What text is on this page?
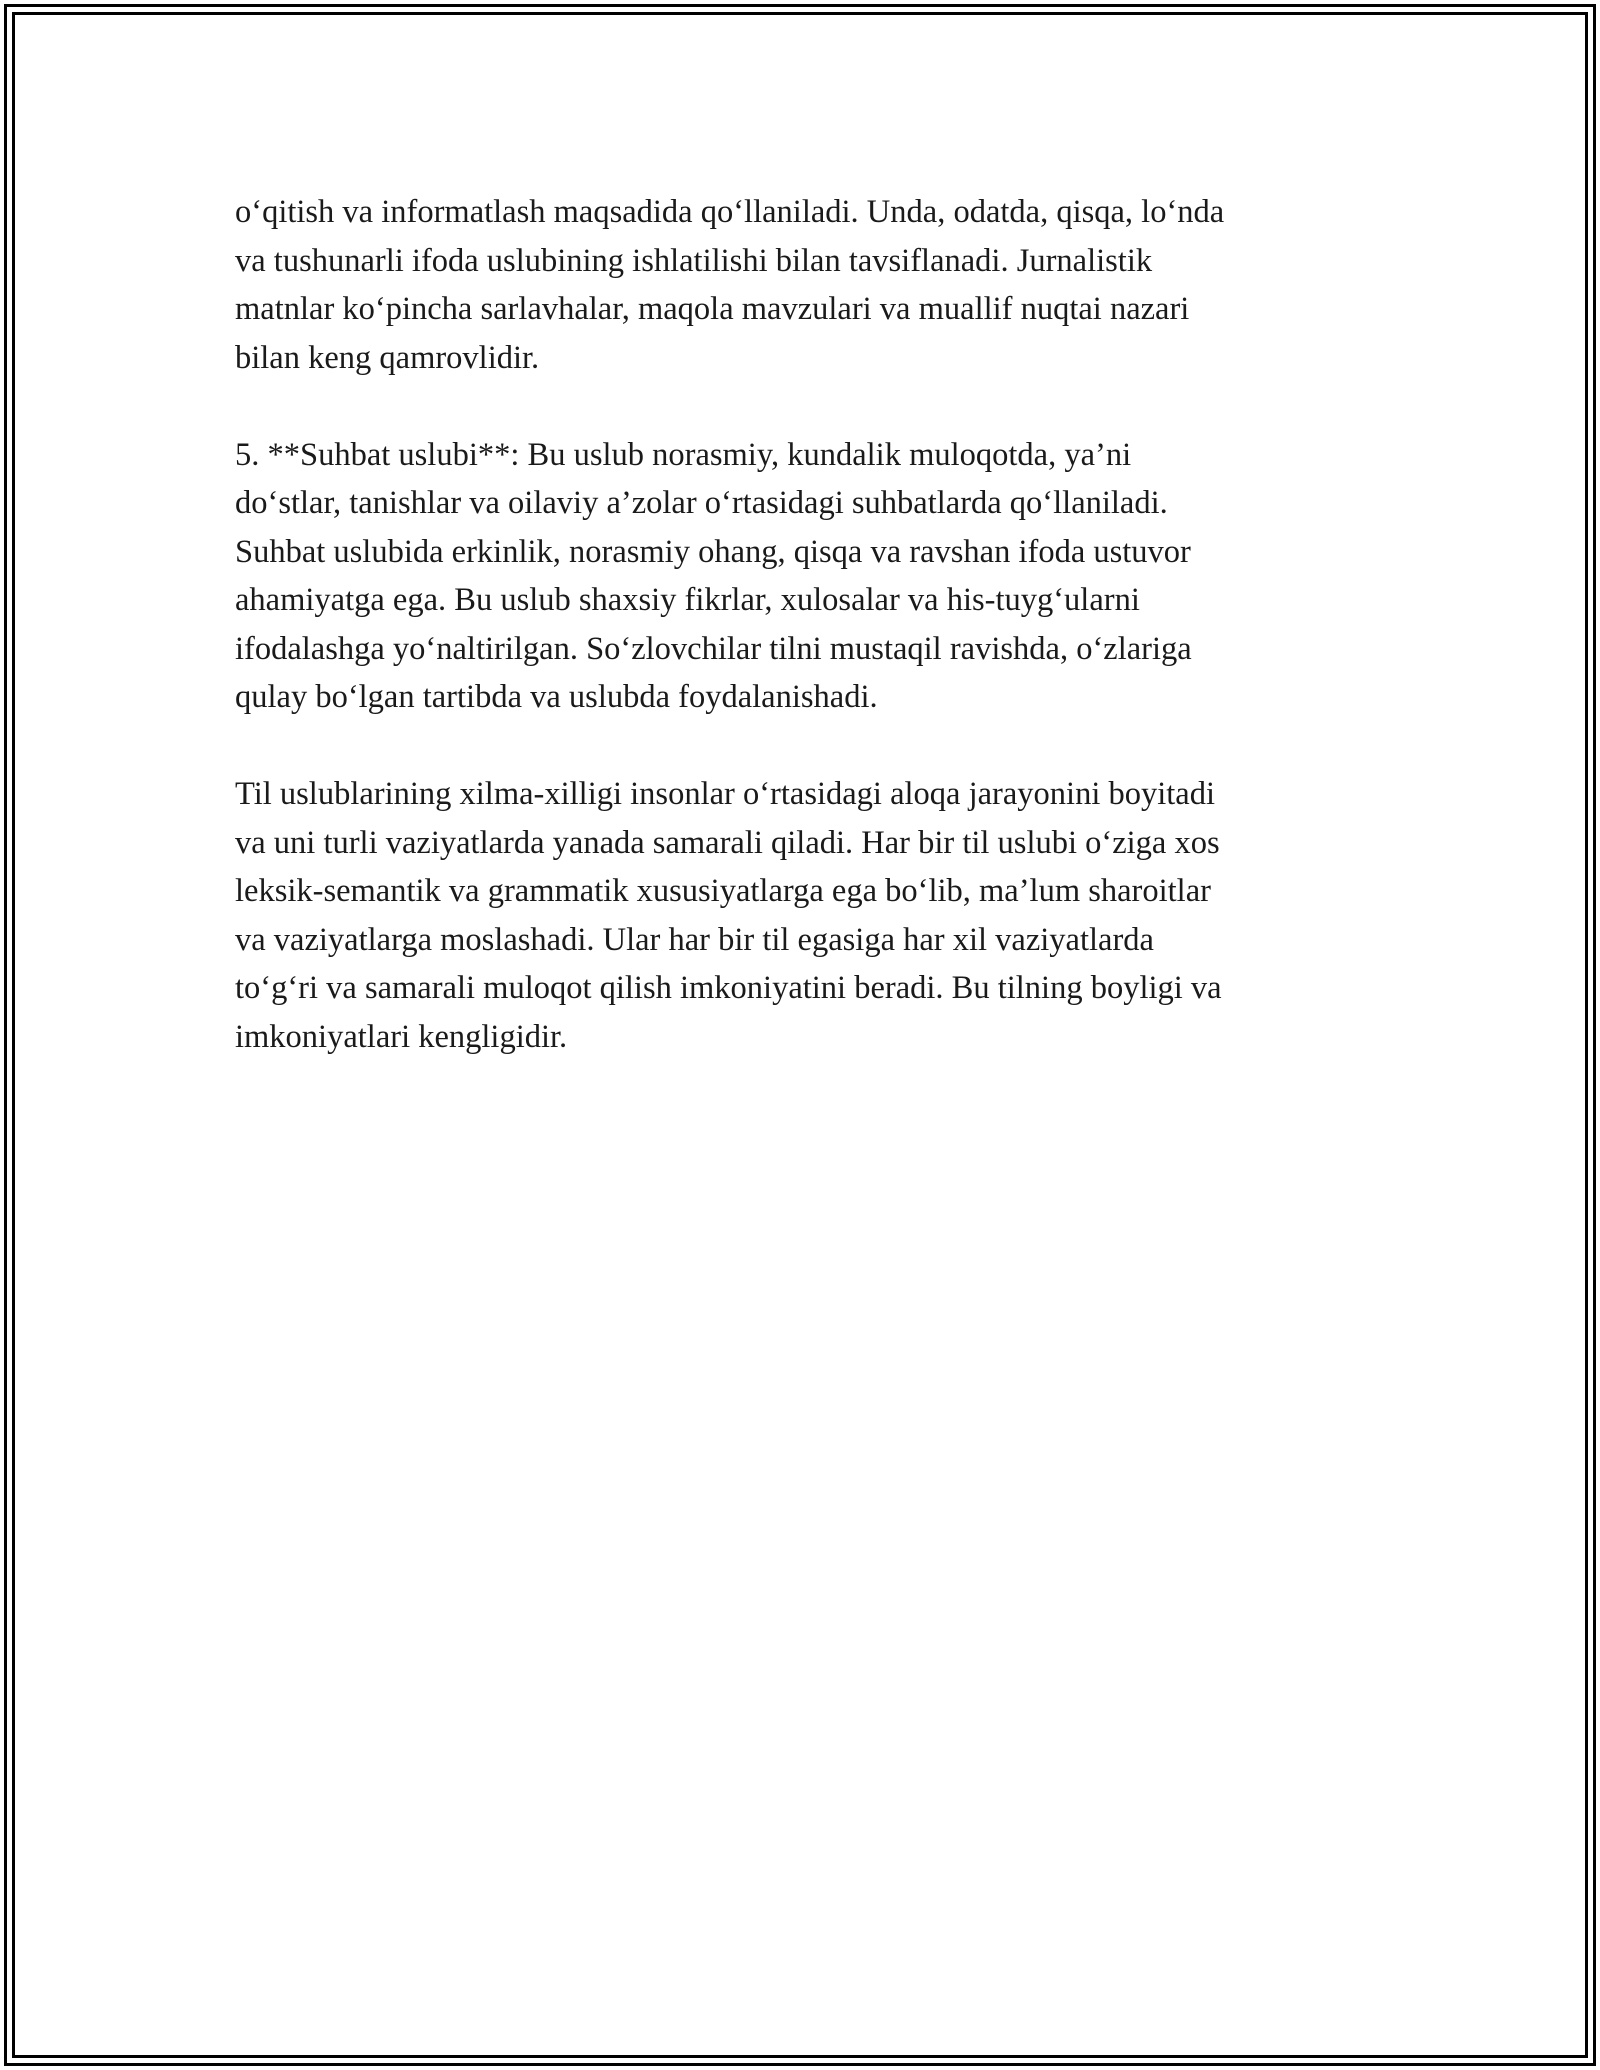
o‘qitish va informatlash maqsadida qo‘llaniladi. Unda, odatda, qisqa, lo‘nda
va tushunarli ifoda uslubining ishlatilishi bilan tavsiflanadi. Jurnalistik
matnlar ko‘pincha sarlavhalar, maqola mavzulari va muallif nuqtai nazari
bilan keng qamrovlidir.

5. **Suhbat uslubi**: Bu uslub norasmiy, kundalik muloqotda, ya’ni
do‘stlar, tanishlar va oilaviy a’zolar o‘rtasidagi suhbatlarda qo‘llaniladi.
Suhbat uslubida erkinlik, norasmiy ohang, qisqa va ravshan ifoda ustuvor
ahamiyatga ega. Bu uslub shaxsiy fikrlar, xulosalar va his-tuyg‘ularni
ifodalashga yo‘naltirilgan. So‘zlovchilar tilni mustaqil ravishda, o‘zlariga
qulay bo‘lgan tartibda va uslubda foydalanishadi.

Til uslublarining xilma-xilligi insonlar o‘rtasidagi aloqa jarayonini boyitadi
va uni turli vaziyatlarda yanada samarali qiladi. Har bir til uslubi o‘ziga xos
leksik-semantik va grammatik xususiyatlarga ega bo‘lib, ma’lum sharoitlar
va vaziyatlarga moslashadi. Ular har bir til egasiga har xil vaziyatlarda
to‘g‘ri va samarali muloqot qilish imkoniyatini beradi. Bu tilning boyligi va
imkoniyatlari kengligidir.
